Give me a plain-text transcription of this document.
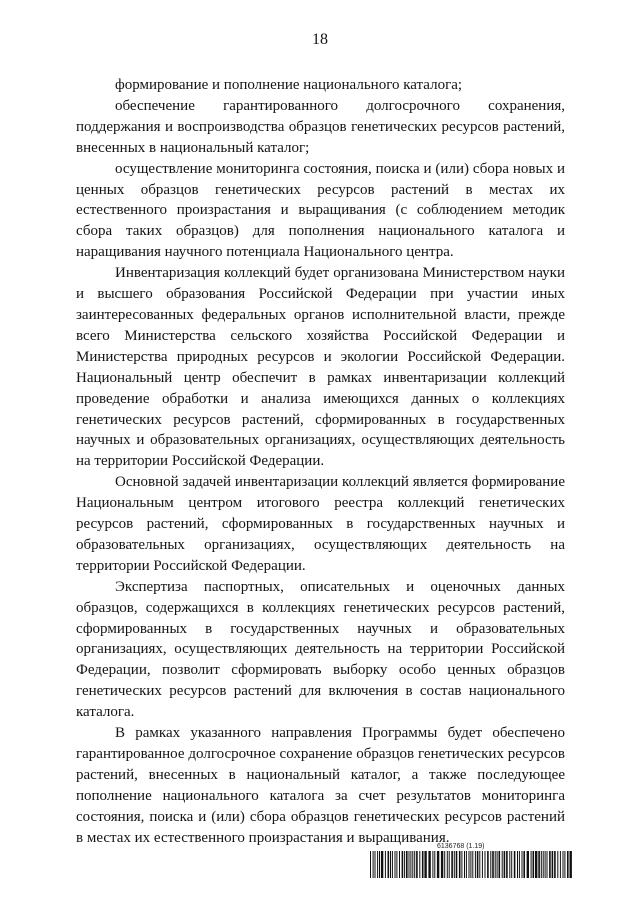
18

формирование и пополнение национального каталога;

обеспечение гарантированного долгосрочного сохранения, поддержания и воспроизводства образцов генетических ресурсов растений, внесенных в национальный каталог;

осуществление мониторинга состояния, поиска и (или) сбора новых и ценных образцов генетических ресурсов растений в местах их естественного произрастания и выращивания (с соблюдением методик сбора таких образцов) для пополнения национального каталога и наращивания научного потенциала Национального центра.

Инвентаризация коллекций будет организована Министерством науки и высшего образования Российской Федерации при участии иных заинтересованных федеральных органов исполнительной власти, прежде всего Министерства сельского хозяйства Российской Федерации и Министерства природных ресурсов и экологии Российской Федерации. Национальный центр обеспечит в рамках инвентаризации коллекций проведение обработки и анализа имеющихся данных о коллекциях генетических ресурсов растений, сформированных в государственных научных и образовательных организациях, осуществляющих деятельность на территории Российской Федерации.

Основной задачей инвентаризации коллекций является формирование Национальным центром итогового реестра коллекций генетических ресурсов растений, сформированных в государственных научных и образовательных организациях, осуществляющих деятельность на территории Российской Федерации.

Экспертиза паспортных, описательных и оценочных данных образцов, содержащихся в коллекциях генетических ресурсов растений, сформированных в государственных научных и образовательных организациях, осуществляющих деятельность на территории Российской Федерации, позволит сформировать выборку особо ценных образцов генетических ресурсов растений для включения в состав национального каталога.

В рамках указанного направления Программы будет обеспечено гарантированное долгосрочное сохранение образцов генетических ресурсов растений, внесенных в национальный каталог, а также последующее пополнение национального каталога за счет результатов мониторинга состояния, поиска и (или) сбора образцов генетических ресурсов растений в местах их естественного произрастания и выращивания.

6136768 (1.19)
